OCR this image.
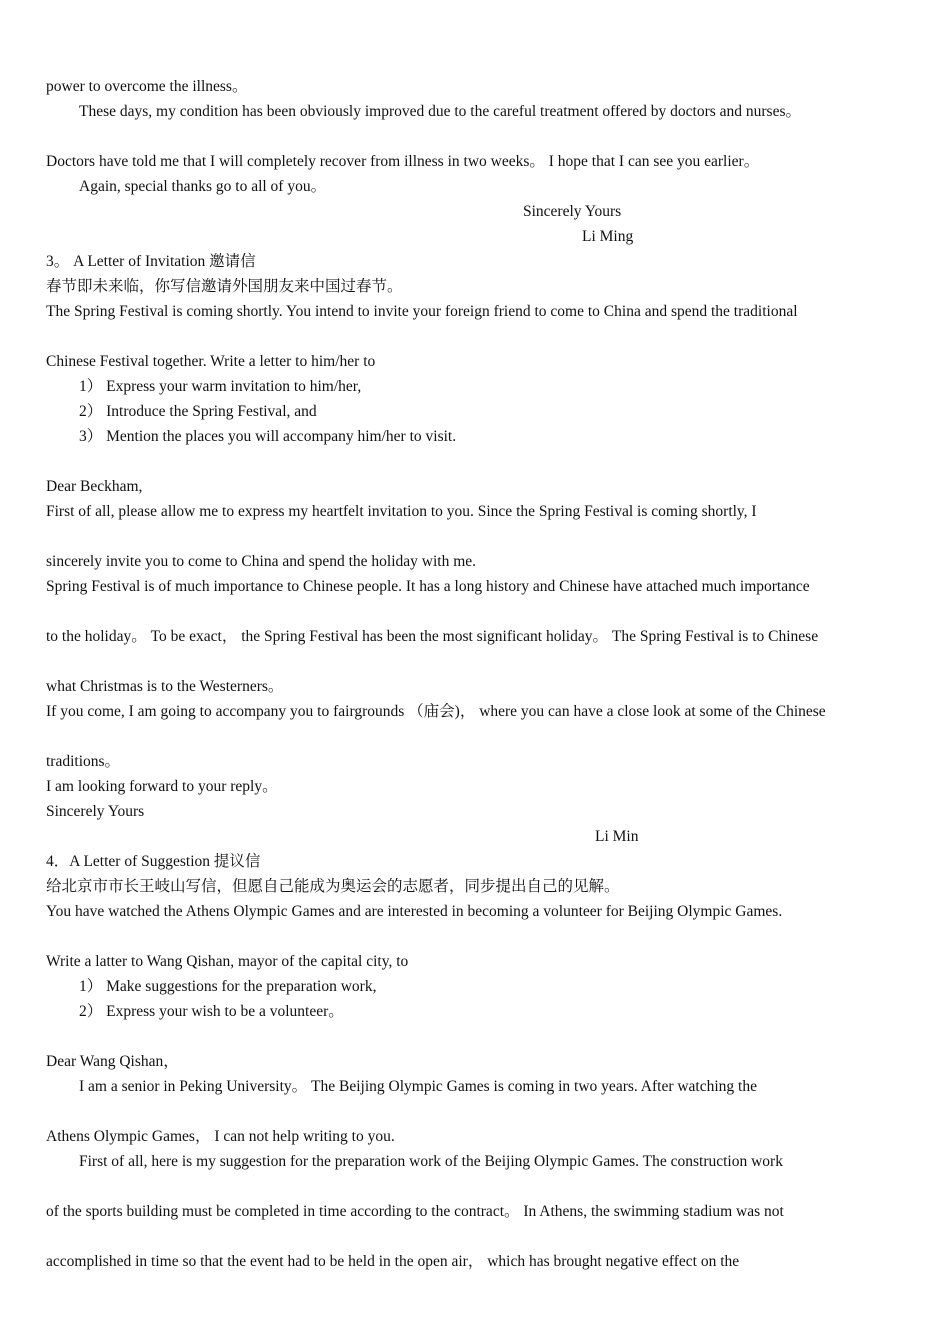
power to overcome the illness。
These days, my condition has been obviously improved due to the careful treatment offered by doctors and nurses。
Doctors have told me that I will completely recover from illness in two weeks。 I hope that I can see you earlier。
Again, special thanks go to all of you。
Sincerely Yours
Li Ming
3。 A Letter of Invitation 邀请信
春节即未来临，你写信邀请外国朋友来中国过春节。
The Spring Festival is coming shortly. You intend to invite your foreign friend to come to China and spend the traditional
Chinese Festival together. Write a letter to him/her to
1） Express your warm invitation to him/her,
2） Introduce the Spring Festival, and
3） Mention the places you will accompany him/her to visit.
Dear Beckham,
First of all, please allow me to express my heartfelt invitation to you. Since the Spring Festival is coming shortly, I
sincerely invite you to come to China and spend the holiday with me.
Spring Festival is of much importance to Chinese people. It has a long history and Chinese have attached much importance
to the holiday。 To be exact， the Spring Festival has been the most significant holiday。 The Spring Festival is to Chinese
what Christmas is to the Westerners。
If you come, I am going to accompany you to fairgrounds （庙会)， where you can have a close look at some of the Chinese
traditions。
I am looking forward to your reply。
Sincerely Yours
Li Min
4．A Letter of Suggestion 提议信
给北京市市长王岐山写信，但愿自己能成为奥运会的志愿者，同步提出自己的见解。
You have watched the Athens Olympic Games and are interested in becoming a volunteer for Beijing Olympic Games.
Write a latter to Wang Qishan, mayor of the capital city, to
1） Make suggestions for the preparation work,
2） Express your wish to be a volunteer。
Dear Wang Qishan，
I am a senior in Peking University。 The Beijing Olympic Games is coming in two years. After watching the
Athens Olympic Games， I can not help writing to you.
First of all, here is my suggestion for the preparation work of the Beijing Olympic Games. The construction work
of the sports building must be completed in time according to the contract。 In Athens, the swimming stadium was not
accomplished in time so that the event had to be held in the open air， which has brought negative effect on the
